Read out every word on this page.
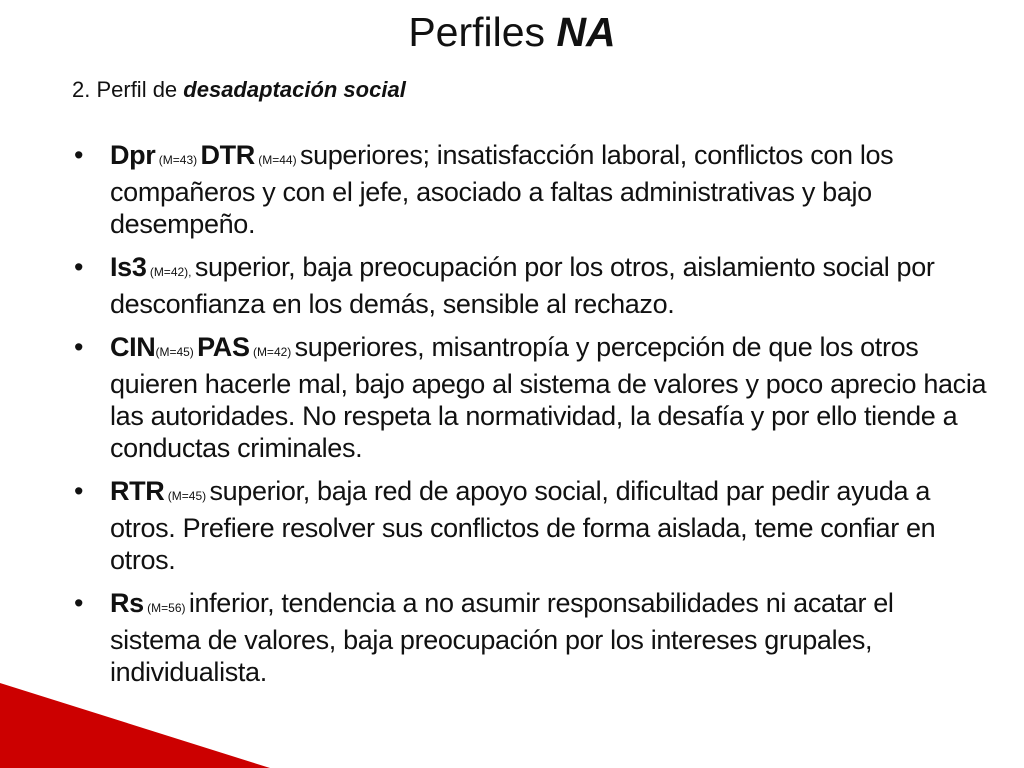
Perfiles NA
2. Perfil de desadaptación social
• Dpr (M=43) DTR (M=44) superiores; insatisfacción laboral, conflictos con los compañeros y con el jefe, asociado a faltas administrativas y bajo desempeño.
• Is3 (M=42), superior, baja preocupación por los otros, aislamiento social por desconfianza en los demás, sensible al rechazo.
• CIN(M=45) PAS (M=42) superiores, misantropía y percepción de que los otros quieren hacerle mal, bajo apego al sistema de valores y poco aprecio hacia las autoridades. No respeta la normatividad, la desafía y por ello tiende a conductas criminales.
• RTR (M=45) superior, baja red de apoyo social, dificultad par pedir ayuda a otros. Prefiere resolver sus conflictos de forma aislada, teme confiar en otros.
• Rs (M=56) inferior, tendencia a no asumir responsabilidades ni acatar el sistema de valores, baja preocupación por los intereses grupales, individualista.
